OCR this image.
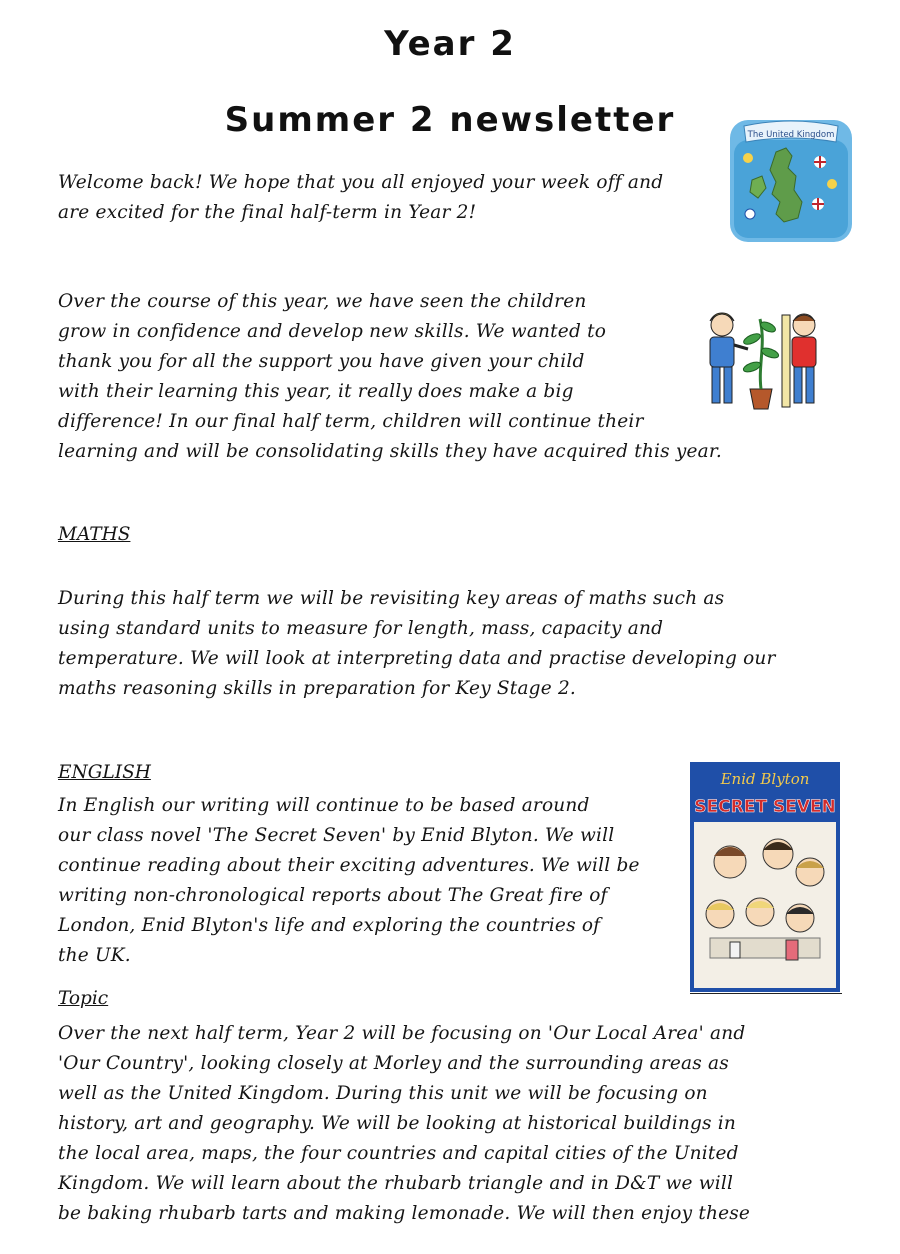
Year 2
Summer 2 newsletter	The United Kingdom
Welcome back! We hope that you all enjoyed your week off and
are excited for the final half-term in Year 2!
Over the course of this year, we have seen the children
grow in confidence and develop new skills. We wanted to
thank you for all the support you have given your child
with their learning this year, it really does make a big
difference! In our final half term, children will continue their
learning and will be consolidating skills they have acquired this year.
MATHS
During this half term we will be revisiting key areas of maths such as
using standard units to measure for length, mass, capacity and
temperature. We will look at interpreting data and practise developing our
maths reasoning skills in preparation for Key Stage 2.
ENGLISH
In English our writing will continue to be based around
our class novel 'The Secret Seven' by Enid Blyton. We will
continue reading about their exciting adventures. We will be
writing non-chronological reports about The Great fire of
London, Enid Blyton's life and exploring the countries of
the UK.
Enid Blyton
SECRET SEVEN
Topic
Over the next half term, Year 2 will be focusing on 'Our Local Area' and
'Our Country', looking closely at Morley and the surrounding areas as
well as the United Kingdom. During this unit we will be focusing on
history, art and geography. We will be looking at historical buildings in
the local area, maps, the four countries and capital cities of the United
Kingdom. We will learn about the rhubarb triangle and in D&T we will
be baking rhubarb tarts and making lemonade. We will then enjoy these
